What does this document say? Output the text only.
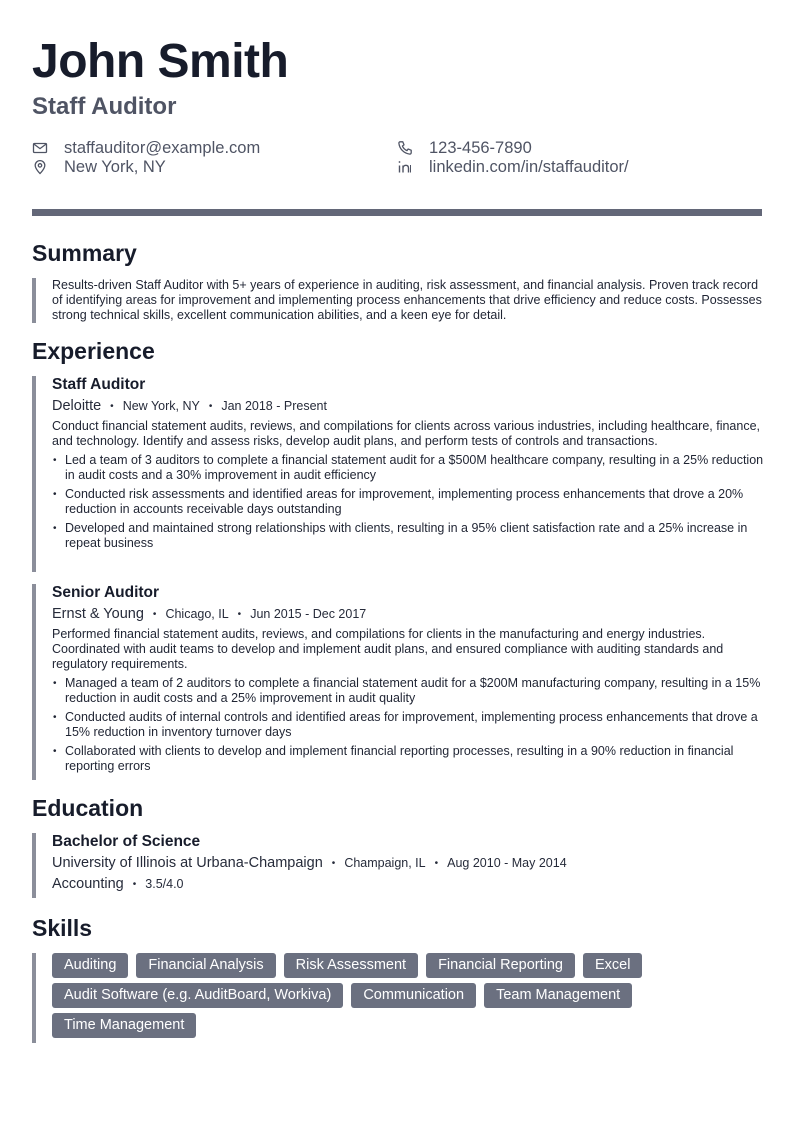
John Smith
Staff Auditor
staffauditor@example.com
New York, NY
123-456-7890
linkedin.com/in/staffauditor/
Summary

Results-driven Staff Auditor with 5+ years of experience in auditing, risk assessment, and financial analysis. Proven track record of identifying areas for improvement and implementing process enhancements that drive efficiency and reduce costs. Possesses strong technical skills, excellent communication abilities, and a keen eye for detail.

Experience
Staff Auditor
Deloitte • New York, NY • Jan 2018 - Present

Conduct financial statement audits, reviews, and compilations for clients across various industries, including healthcare, finance, and technology. Identify and assess risks, develop audit plans, and perform tests of controls and transactions.

• Led a team of 3 auditors to complete a financial statement audit for a $500M healthcare company, resulting in a 25% reduction in audit costs and a 30% improvement in audit efficiency
• Conducted risk assessments and identified areas for improvement, implementing process enhancements that drove a 20% reduction in accounts receivable days outstanding
• Developed and maintained strong relationships with clients, resulting in a 95% client satisfaction rate and a 25% increase in repeat business
Senior Auditor
Ernst & Young • Chicago, IL • Jun 2015 - Dec 2017

Performed financial statement audits, reviews, and compilations for clients in the manufacturing and energy industries. Coordinated with audit teams to develop and implement audit plans, and ensured compliance with auditing standards and regulatory requirements.

• Managed a team of 2 auditors to complete a financial statement audit for a $200M manufacturing company, resulting in a 15% reduction in audit costs and a 25% improvement in audit quality
• Conducted audits of internal controls and identified areas for improvement, implementing process enhancements that drove a 15% reduction in inventory turnover days
• Collaborated with clients to develop and implement financial reporting processes, resulting in a 90% reduction in financial reporting errors
Education
Bachelor of Science
University of Illinois at Urbana-Champaign • Champaign, IL • Aug 2010 - May 2014
Accounting • 3.5/4.0
Skills
Auditing	Financial Analysis	Risk Assessment	Financial Reporting	Excel
Audit Software (e.g. AuditBoard, Workiva)	Communication	Team Management
Time Management
